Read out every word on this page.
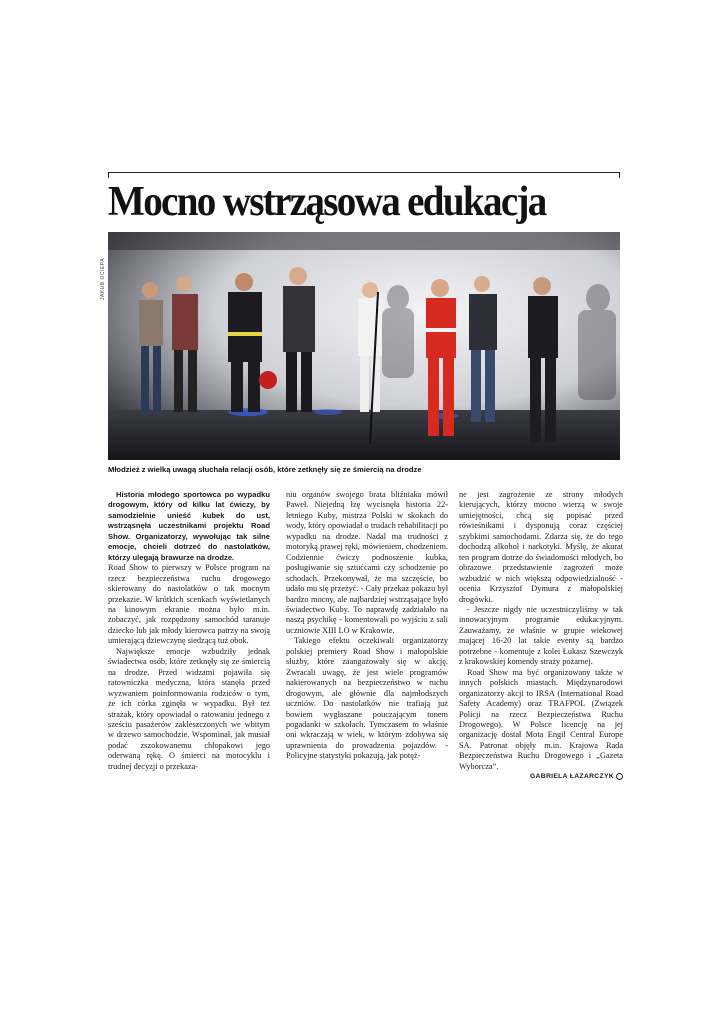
Mocno wstrząsowa edukacja
JAKUB OCIEPA
Młodzież z wielką uwagą słuchała relacji osób, które zetknęły się ze śmiercią na drodze

Historia młodego sportowca po wypadku drogowym, który od kilku lat ćwiczy, by samodzielnie unieść kubek do ust, wstrząsnęła uczestnikami projektu Road Show. Organizatorzy, wywołując tak silne emocje, chcieli dotrzeć do nastolatków, którzy ulegają brawurze na drodze.

Road Show to pierwszy w Polsce program na rzecz bezpieczeństwa ruchu drogowego skierowany do nastolatków o tak mocnym przekazie. W krótkich scenkach wyświetlanych na kinowym ekranie można było m.in. zobaczyć, jak rozpędzony samochód taranuje dziecko lub jak młody kierowca patrzy na swoją umierającą dziewczynę siedzącą tuż obok.

Największe emocje wzbudziły jednak świadectwa osób, które zetknęły się ze śmiercią na drodze. Przed widzami pojawiła się ratowniczka medyczna, która stanęła przed wyzwaniem poinformowania rodziców o tym, że ich córka zginęła w wypadku. Był też strażak, który opowiadał o ratowaniu jednego z sześciu pasażerów zakleszczonych we wbitym w drzewo samochodzie. Wspominał, jak musiał podać zszokowanemu chłopakowi jego oderwaną rękę. O śmierci na motocyklu i trudnej decyzji o przekaza-

niu organów swojego brata bliźniaka mówił Paweł. Niejedną łzę wycisnęła historia 22-letniego Kuby, mistrza Polski w skokach do wody, który opowiadał o trudach rehabilitacji po wypadku na drodze. Nadal ma trudności z motoryką prawej ręki, mówieniem, chodzeniem. Codziennie ćwiczy podnoszenie kubka, posługiwanie się sztućcami czy schodzenie po schodach. Przekonywał, że ma szczęście, bo udało mu się przeżyć. - Cały przekaz pokazu był bardzo mocny, ale najbardziej wstrząsające było świadectwo Kuby. To naprawdę zadziałało na naszą psychikę - komentowali po wyjściu z sali uczniowie XIII LO w Krakowie.

Takiego efektu oczekiwali organizatorzy polskiej premiery Road Show i małopolskie służby, które zaangażowały się w akcję. Zwracali uwagę, że jest wiele programów nakierowanych na bezpieczeństwo w ruchu drogowym, ale głównie dla najmłodszych uczniów. Do nastolatków nie trafiają już bowiem wygłaszane pouczającym tonem pogadanki w szkołach. Tymczasem to właśnie oni wkraczają w wiek, w którym zdobywa się uprawnienia do prowadzenia pojazdów. - Policyjne statystyki pokazują, jak potęż-

ne jest zagrożenie ze strony młodych kierujących, którzy mocno wierzą w swoje umiejętności, chcą się popisać przed rówieśnikami i dysponują coraz częściej szybkimi samochodami. Zdarza się, że do tego dochodzą alkohol i narkotyki. Myślę, że akurat ten program dotrze do świadomości młodych, bo obrazowe przedstawienie zagrożeń może wzbudzić w nich większą odpowiedzialność - ocenia Krzysztof Dymura z małopolskiej drogówki.

- Jeszcze nigdy nie uczestniczyliśmy w tak innowacyjnym programie edukacyjnym. Zauważamy, że właśnie w grupie wiekowej mającej 16-20 lat takie eventy są bardzo potrzebne - komentuje z kolei Łukasz Szewczyk z krakowskiej komendy straży pożarnej.

Road Show ma być organizowany także w innych polskich miastach. Międzynarodowi organizatorzy akcji to IRSA (International Road Safety Academy) oraz TRAFPOL (Związek Policji na rzecz Bezpieczeństwa Ruchu Drogowego). W Polsce licencję na jej organizację dostał Mota Engil Central Europe SA. Patronat objęły m.in. Krajowa Rada Bezpieczeństwa Ruchu Drogowego i „Gazeta Wyborcza”.

GABRIELA ŁAZARCZYK
